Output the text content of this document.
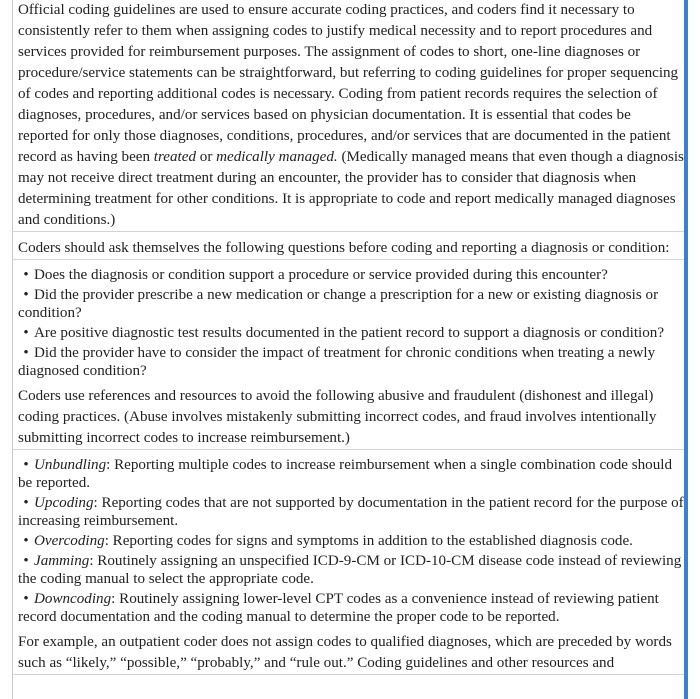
Official coding guidelines are used to ensure accurate coding practices, and coders find it necessary to consistently refer to them when assigning codes to justify medical necessity and to report procedures and services provided for reimbursement purposes. The assignment of codes to short, one-line diagnoses or procedure/service statements can be straightforward, but referring to coding guidelines for proper sequencing of codes and reporting additional codes is necessary. Coding from patient records requires the selection of diagnoses, procedures, and/or services based on physician documentation. It is essential that codes be reported for only those diagnoses, conditions, procedures, and/or services that are documented in the patient record as having been treated or medically managed. (Medically managed means that even though a diagnosis may not receive direct treatment during an encounter, the provider has to consider that diagnosis when determining treatment for other conditions. It is appropriate to code and report medically managed diagnoses and conditions.)

Coders should ask themselves the following questions before coding and reporting a diagnosis or condition:

• Does the diagnosis or condition support a procedure or service provided during this encounter?
• Did the provider prescribe a new medication or change a prescription for a new or existing diagnosis or condition?
• Are positive diagnostic test results documented in the patient record to support a diagnosis or condition?
• Did the provider have to consider the impact of treatment for chronic conditions when treating a newly diagnosed condition?

Coders use references and resources to avoid the following abusive and fraudulent (dishonest and illegal) coding practices. (Abuse involves mistakenly submitting incorrect codes, and fraud involves intentionally submitting incorrect codes to increase reimbursement.)

• Unbundling: Reporting multiple codes to increase reimbursement when a single combination code should be reported.
• Upcoding: Reporting codes that are not supported by documentation in the patient record for the purpose of increasing reimbursement.
• Overcoding: Reporting codes for signs and symptoms in addition to the established diagnosis code.
• Jamming: Routinely assigning an unspecified ICD-9-CM or ICD-10-CM disease code instead of reviewing the coding manual to select the appropriate code.
• Downcoding: Routinely assigning lower-level CPT codes as a convenience instead of reviewing patient record documentation and the coding manual to determine the proper code to be reported.

For example, an outpatient coder does not assign codes to qualified diagnoses, which are preceded by words such as “likely,” “possible,” “probably,” and “rule out.” Coding guidelines and other resources and
